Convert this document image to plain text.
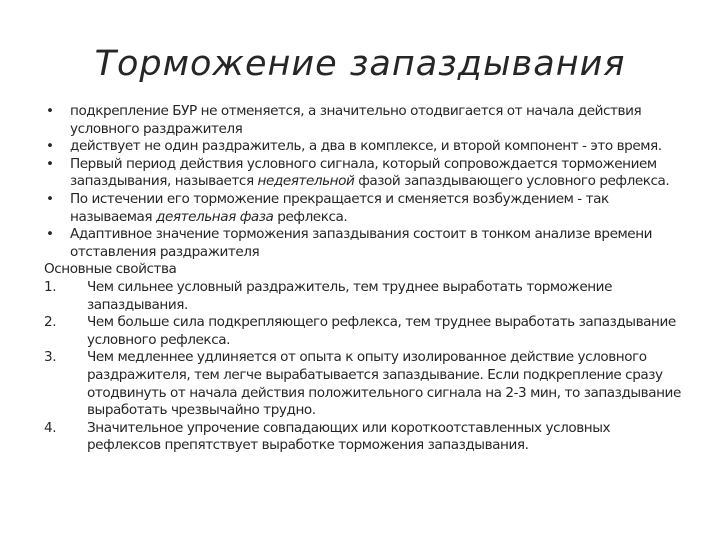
Торможение запаздывания
•	подкрепление БУР не отменяется, а значительно отодвигается от начала действия
условного раздражителя
•	действует не один раздражитель, а два в комплексе, и второй компонент - это время.
•	Первый период действия условного сигнала, который сопровождается торможением
запаздывания, называется недеятельной фазой запаздывающего условного рефлекса.
•	По истечении его торможение прекращается и сменяется возбуждением - так
называемая деятельная фаза рефлекса.
•	Адаптивное значение торможения запаздывания состоит в тонком анализе времени
отставления раздражителя
Основные свойства
1.	Чем сильнее условный раздражитель, тем труднее выработать торможение
запаздывания.
2.	Чем больше сила подкрепляющего рефлекса, тем труднее выработать запаздывание
условного рефлекса.
3.	Чем медленнее удлиняется от опыта к опыту изолированное действие условного
раздражителя, тем легче вырабатывается запаздывание. Если подкрепление сразу
отодвинуть от начала действия положительного сигнала на 2-3 мин, то запаздывание
выработать чрезвычайно трудно.
4.	Значительное упрочение совпадающих или короткоотставленных условных
рефлексов препятствует выработке торможения запаздывания.
